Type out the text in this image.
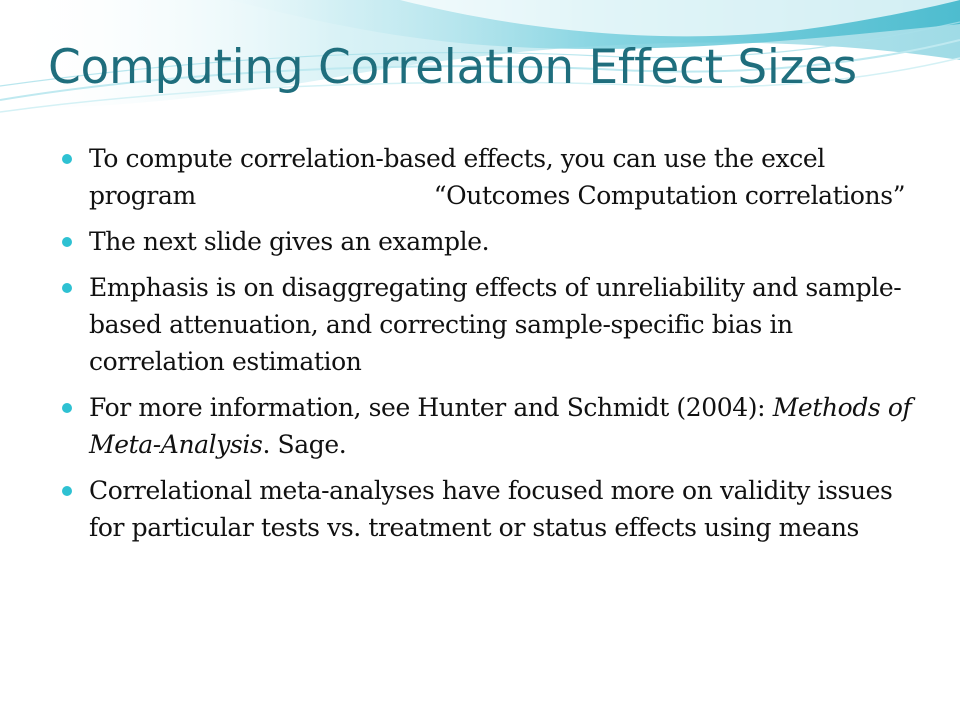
Computing Correlation Effect Sizes
To compute correlation-based effects, you can use the excel program	“Outcomes Computation correlations”
The next slide gives an example.
Emphasis is on disaggregating effects of unreliability and sample-based attenuation, and correcting sample-specific bias in correlation estimation
For more information, see Hunter and Schmidt (2004): Methods of Meta-Analysis. Sage.
Correlational meta-analyses have focused more on validity issues for particular tests vs. treatment or status effects using means
